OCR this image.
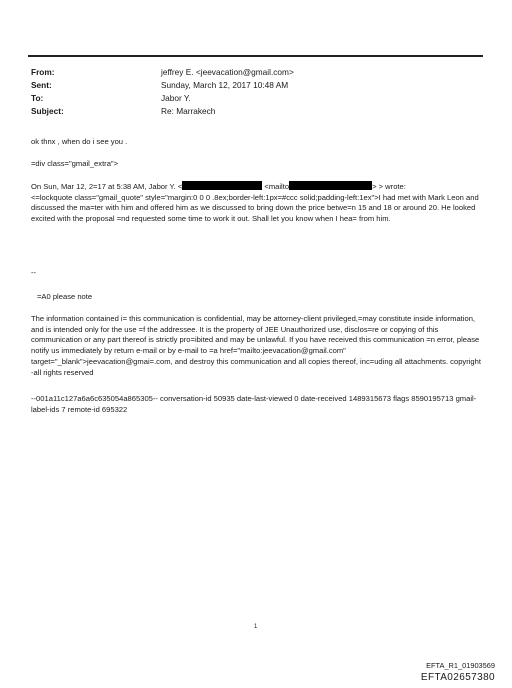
From:	jeffrey E. <jeevacation@gmail.com>
Sent:	Sunday, March 12, 2017 10:48 AM
To:	Jabor Y.
Subject:	Re: Marrakech
ok thnx , when do i see you .
=div class="gmail_extra">
On Sun, Mar 12, 2=17 at 5:38 AM, Jabor Y. <	<mailto	> > wrote:
<=lockquote class="gmail_quote" style="margin:0 0 0 .8ex;border-left:1px=#ccc solid;padding-left:1ex">I had met with Mark Leon and discussed the ma=ter with him and offered him as we discussed to bring down the price betwe=n 15 and 18 or around 20. He looked excited with the proposal =nd requested some time to work it out. Shall let you know when I hea= from him.
--
=A0 please note
The information contained i= this communication is confidential, may be attorney-client privileged,=may constitute inside information, and is intended only for the use =f the addressee. It is the property of JEE Unauthorized use, disclos=re or copying of this communication or any part thereof is strictly pro=ibited and may be unlawful. If you have received this communication =n error, please notify us immediately by return e-mail or by e-mail to =a href="mailto:jeevacation@gmail.com" target="_blank">jeevacation@gmai=.com, and destroy this communication and all copies thereof, inc=uding all attachments. copyright -all rights reserved
--001a11c127a6a6c635054a865305-- conversation-id 50935 date-last-viewed 0 date-received 1489315673 flags 8590195713 gmail-label-ids 7 remote-id 695322
1
EFTA_R1_01903569
EFTA02657380
